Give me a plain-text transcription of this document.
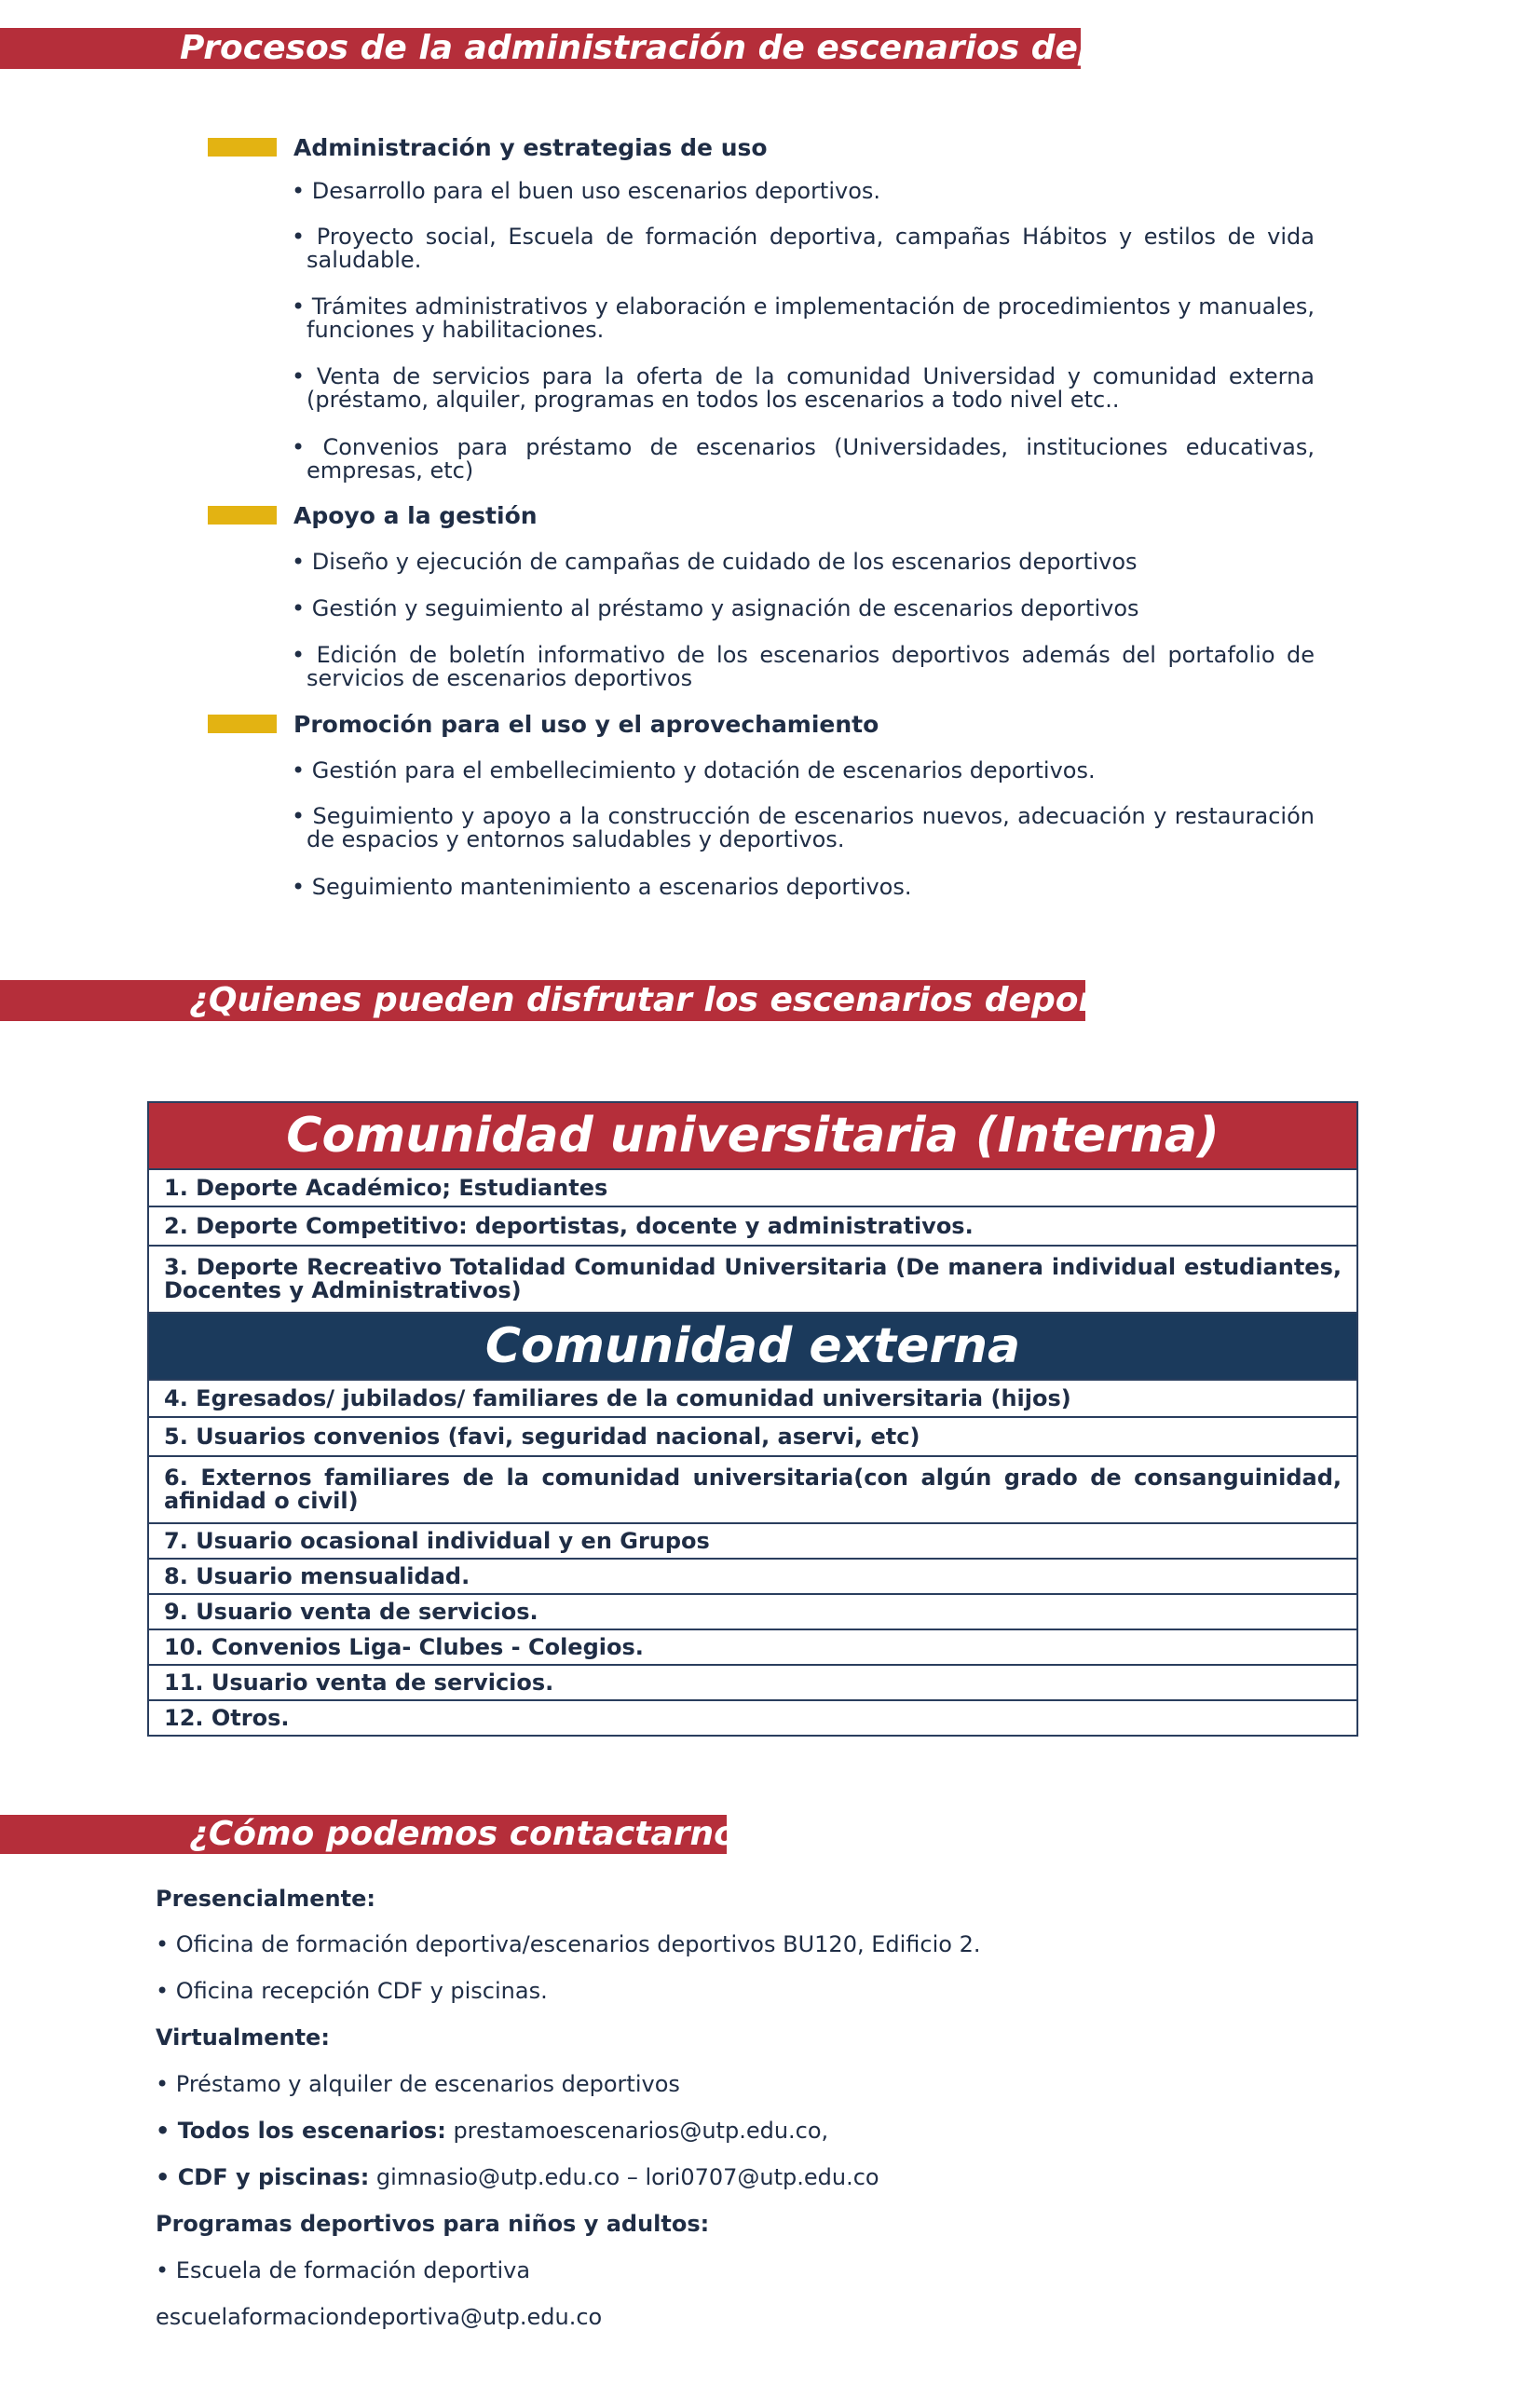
Procesos de la administración de escenarios deportivos:
Administración y estrategias de uso
• Desarrollo para el buen uso escenarios deportivos.
• Proyecto social, Escuela de formación deportiva, campañas Hábitos y estilos de vida saludable.
• Trámites administrativos y elaboración e implementación de procedimientos y manuales, funciones y habilitaciones.
• Venta de servicios para la oferta de la comunidad Universidad y comunidad externa (préstamo, alquiler, programas en todos los escenarios a todo nivel etc..
• Convenios para préstamo de escenarios (Universidades, instituciones educativas, empresas, etc)
Apoyo a la gestión
• Diseño y ejecución de campañas de cuidado de los escenarios deportivos
• Gestión y seguimiento al préstamo y asignación de escenarios deportivos
• Edición de boletín informativo de los escenarios deportivos además del portafolio de servicios de escenarios deportivos
Promoción para el uso y el aprovechamiento
• Gestión para el embellecimiento y dotación de escenarios deportivos.
• Seguimiento y apoyo a la construcción de escenarios nuevos, adecuación y restauración de espacios y entornos saludables y deportivos.
• Seguimiento mantenimiento a escenarios deportivos.
¿Quienes pueden disfrutar los escenarios deportivos?
Comunidad universitaria (Interna)
1. Deporte Académico; Estudiantes
2. Deporte Competitivo: deportistas, docente y administrativos.
3. Deporte Recreativo Totalidad Comunidad Universitaria (De manera individual estudiantes, Docentes y Administrativos)
Comunidad externa
4. Egresados/ jubilados/ familiares de la comunidad universitaria (hijos)
5. Usuarios convenios (favi, seguridad nacional, aservi, etc)
6. Externos familiares de la comunidad universitaria(con algún grado de consanguinidad, afinidad o civil)
7. Usuario ocasional individual y en Grupos
8. Usuario mensualidad.
9. Usuario venta de servicios.
10. Convenios Liga- Clubes - Colegios.
11. Usuario venta de servicios.
12. Otros.
¿Cómo podemos contactarnos?
Presencialmente:
• Oficina de formación deportiva/escenarios deportivos BU120, Edificio 2.
• Oficina recepción CDF y piscinas.
Virtualmente:
• Préstamo y alquiler de escenarios deportivos
• Todos los escenarios: prestamoescenarios@utp.edu.co,
• CDF y piscinas: gimnasio@utp.edu.co – lori0707@utp.edu.co
Programas deportivos para niños y adultos:
• Escuela de formación deportiva
escuelaformaciondeportiva@utp.edu.co
